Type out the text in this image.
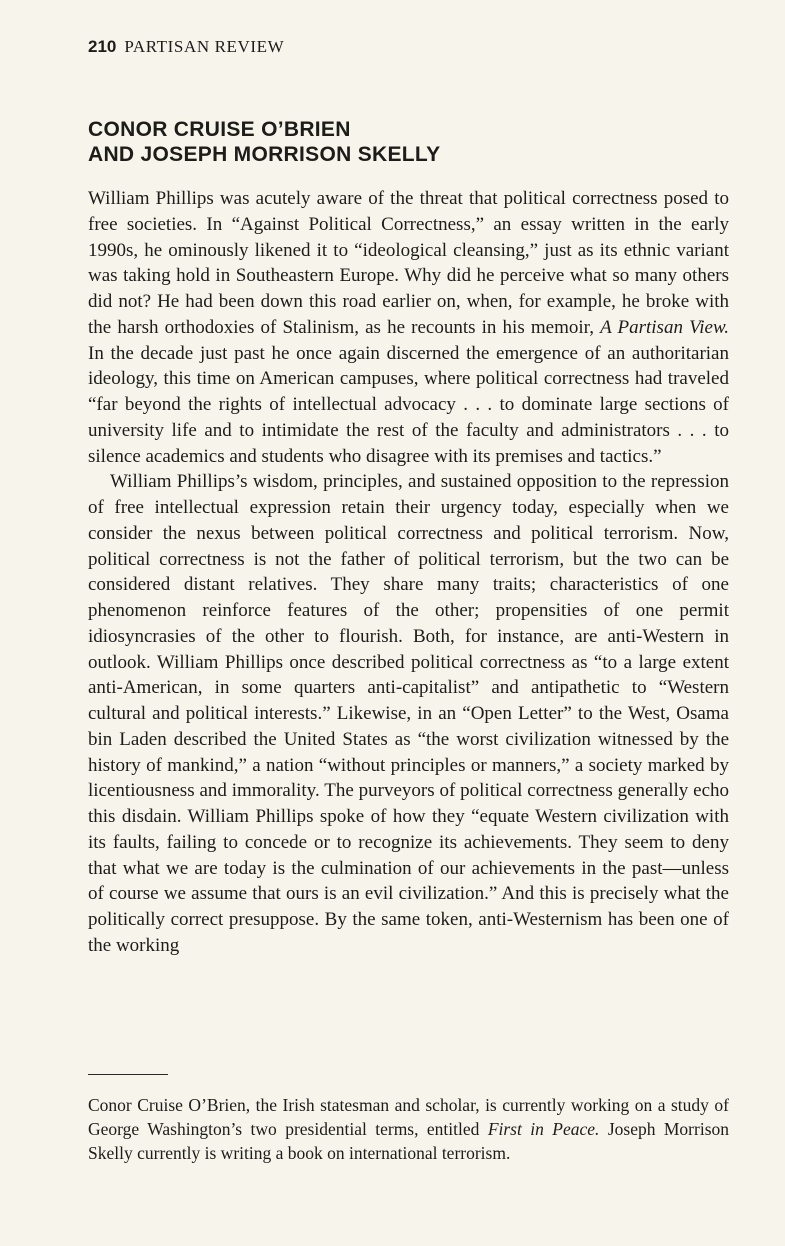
210 PARTISAN REVIEW
CONOR CRUISE O’BRIEN
AND JOSEPH MORRISON SKELLY

William Phillips was acutely aware of the threat that political correctness posed to free societies. In “Against Political Correctness,” an essay written in the early 1990s, he ominously likened it to “ideological cleansing,” just as its ethnic variant was taking hold in Southeastern Europe. Why did he perceive what so many others did not? He had been down this road earlier on, when, for example, he broke with the harsh orthodoxies of Stalinism, as he recounts in his memoir, A Partisan View. In the decade just past he once again discerned the emergence of an authoritarian ideology, this time on American campuses, where political correctness had traveled “far beyond the rights of intellectual advocacy . . . to dominate large sections of university life and to intimidate the rest of the faculty and administrators . . . to silence academics and students who disagree with its premises and tactics.”

William Phillips’s wisdom, principles, and sustained opposition to the repression of free intellectual expression retain their urgency today, especially when we consider the nexus between political correctness and political terrorism. Now, political correctness is not the father of political terrorism, but the two can be considered distant relatives. They share many traits; characteristics of one phenomenon reinforce features of the other; propensities of one permit idiosyncrasies of the other to flourish. Both, for instance, are anti-Western in outlook. William Phillips once described political correctness as “to a large extent anti-American, in some quarters anti-capitalist” and antipathetic to “Western cultural and political interests.” Likewise, in an “Open Letter” to the West, Osama bin Laden described the United States as “the worst civilization witnessed by the history of mankind,” a nation “without principles or manners,” a society marked by licentiousness and immorality. The purveyors of political correctness generally echo this disdain. William Phillips spoke of how they “equate Western civilization with its faults, failing to concede or to recognize its achievements. They seem to deny that what we are today is the culmination of our achievements in the past—unless of course we assume that ours is an evil civilization.” And this is precisely what the politically correct presuppose. By the same token, anti-Westernism has been one of the working

Conor Cruise O’Brien, the Irish statesman and scholar, is currently working on a study of George Washington’s two presidential terms, entitled First in Peace. Joseph Morrison Skelly currently is writing a book on international terrorism.
